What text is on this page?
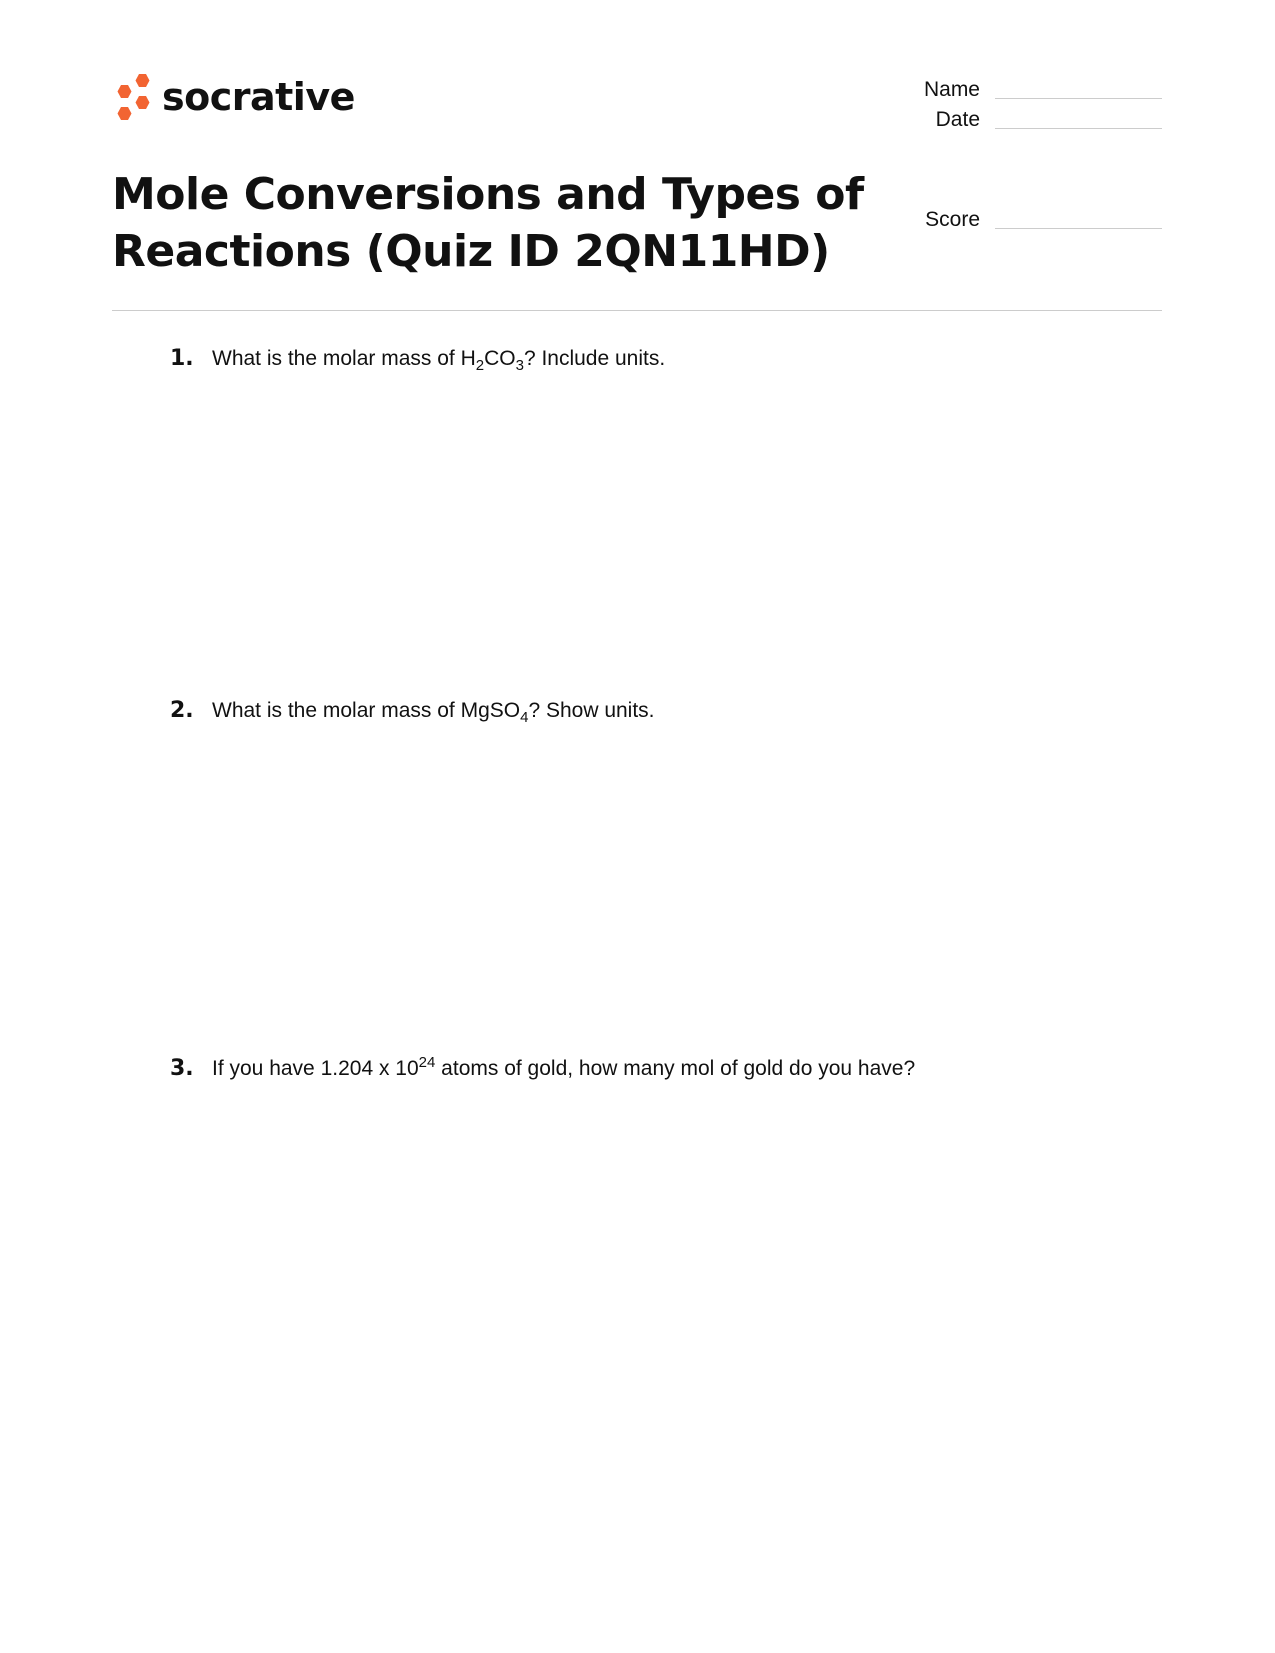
socrative
Mole Conversions and Types of Reactions (Quiz ID 2QN11HD)
Name
Date
Score
1. What is the molar mass of $H_2CO_3$? Include units.
2. What is the molar mass of MgSO$_4$? Show units.
3. If you have 1.204 x $10^{24}$ atoms of gold, how many mol of gold do you have?
